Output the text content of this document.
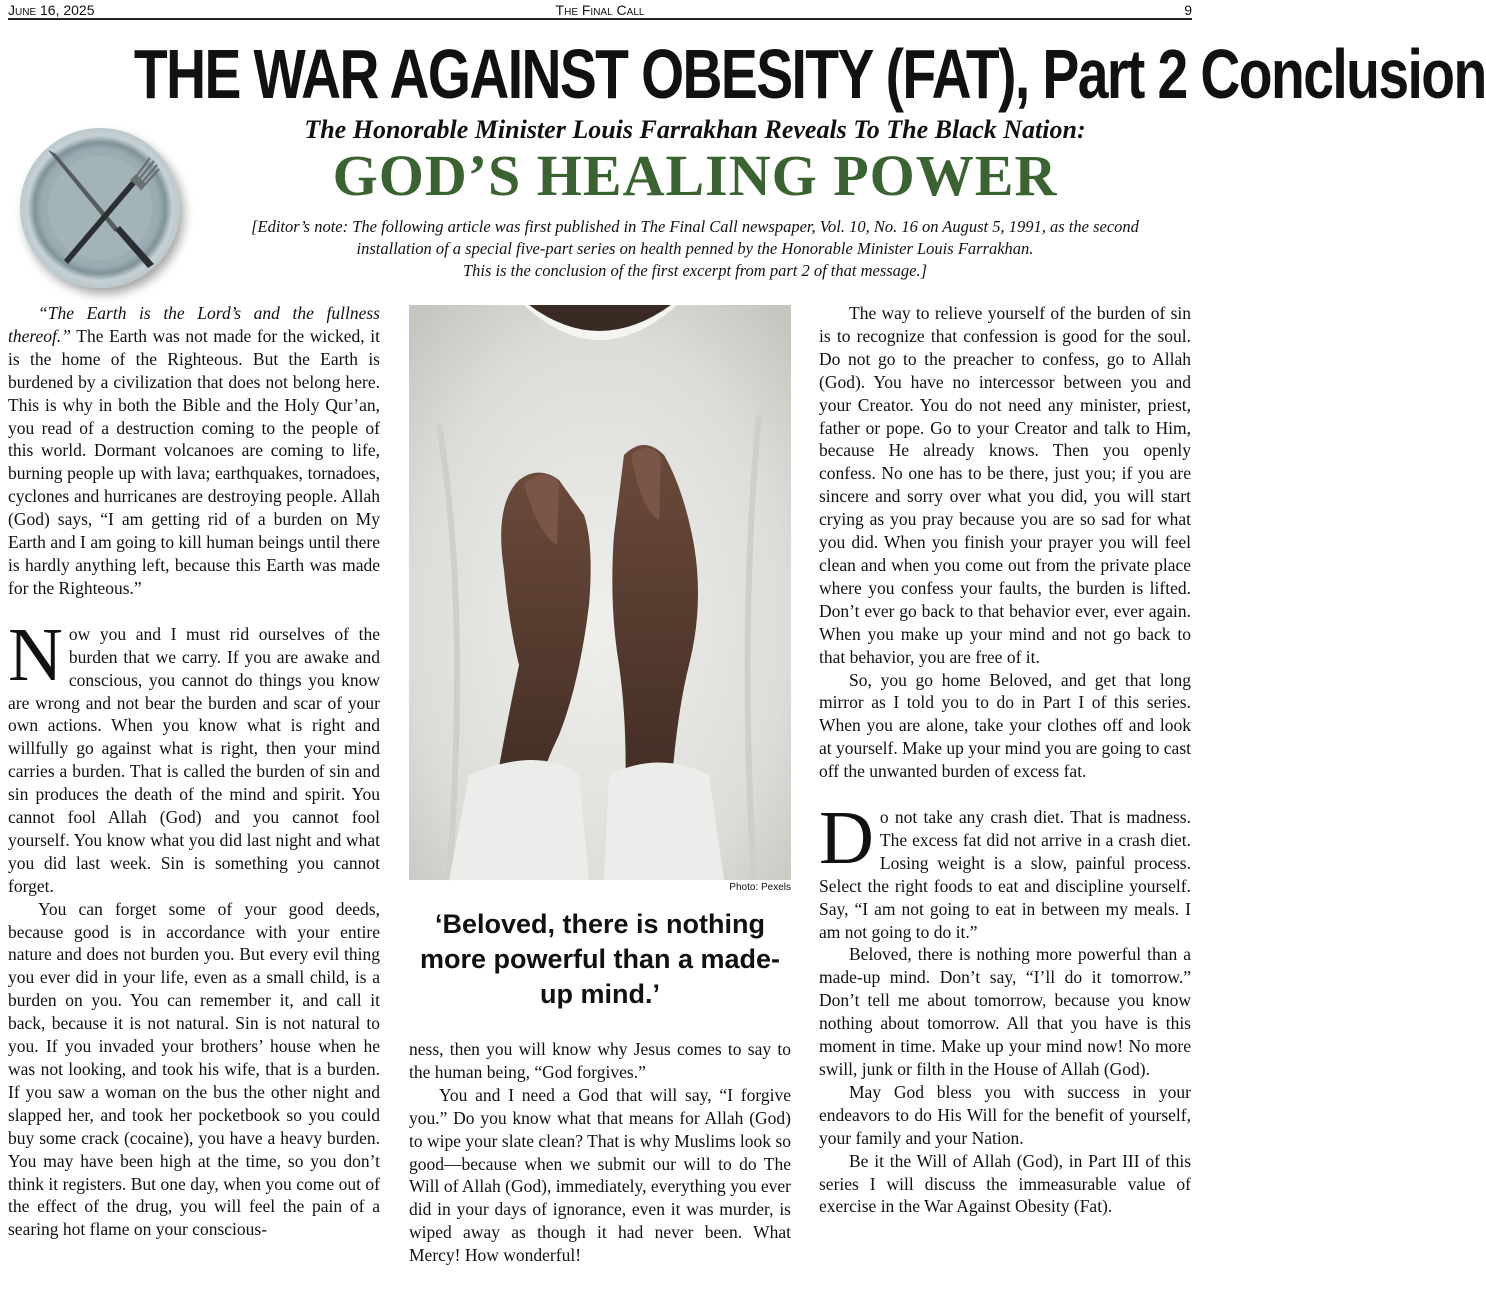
June 16, 2025	The Final Call	9
THE WAR AGAINST OBESITY (FAT), Part 2 Conclusion
The Honorable Minister Louis Farrakhan Reveals To The Black Nation:
GOD’S HEALING POWER
[Editor’s note: The following article was first published in The Final Call newspaper, Vol. 10, No. 16 on August 5, 1991, as the second
installation of a special five-part series on health penned by the Honorable Minister Louis Farrakhan.
This is the conclusion of the first excerpt from part 2 of that message.]

“The Earth is the Lord’s and the fullness thereof.” The Earth was not made for the wicked, it is the home of the Righteous. But the Earth is burdened by a civilization that does not belong here. This is why in both the Bible and the Holy Qur’an, you read of a destruction coming to the people of this world. Dormant volcanoes are coming to life, burning people up with lava; earthquakes, tornadoes, cyclones and hurricanes are destroying people. Allah (God) says, “I am getting rid of a burden on My Earth and I am going to kill human beings until there is hardly anything left, because this Earth was made for the Righteous.”

Now you and I must rid ourselves of the burden that we carry. If you are awake and conscious, you cannot do things you know are wrong and not bear the burden and scar of your own actions. When you know what is right and willfully go against what is right, then your mind carries a burden. That is called the burden of sin and sin produces the death of the mind and spirit. You cannot fool Allah (God) and you cannot fool yourself. You know what you did last night and what you did last week. Sin is something you cannot forget.

You can forget some of your good deeds, because good is in accordance with your entire nature and does not burden you. But every evil thing you ever did in your life, even as a small child, is a burden on you. You can remember it, and call it back, because it is not natural. Sin is not natural to you. If you invaded your brothers’ house when he was not looking, and took his wife, that is a burden. If you saw a woman on the bus the other night and slapped her, and took her pocketbook so you could buy some crack (cocaine), you have a heavy burden. You may have been high at the time, so you don’t think it registers. But one day, when you come out of the effect of the drug, you will feel the pain of a searing hot flame on your conscious-

Photo: Pexels
‘Beloved, there is nothing more powerful than a made-up mind.’

ness, then you will know why Jesus comes to say to the human being, “God forgives.”

You and I need a God that will say, “I forgive you.” Do you know what that means for Allah (God) to wipe your slate clean? That is why Muslims look so good—because when we submit our will to do The Will of Allah (God), immediately, everything you ever did in your days of ignorance, even it was murder, is wiped away as though it had never been. What Mercy! How wonderful!

The way to relieve yourself of the burden of sin is to recognize that confession is good for the soul. Do not go to the preacher to confess, go to Allah (God). You have no intercessor between you and your Creator. You do not need any minister, priest, father or pope. Go to your Creator and talk to Him, because He already knows. Then you openly confess. No one has to be there, just you; if you are sincere and sorry over what you did, you will start crying as you pray because you are so sad for what you did. When you finish your prayer you will feel clean and when you come out from the private place where you confess your faults, the burden is lifted. Don’t ever go back to that behavior ever, ever again. When you make up your mind and not go back to that behavior, you are free of it.

So, you go home Beloved, and get that long mirror as I told you to do in Part I of this series. When you are alone, take your clothes off and look at yourself. Make up your mind you are going to cast off the unwanted burden of excess fat.

Do not take any crash diet. That is madness. The excess fat did not arrive in a crash diet. Losing weight is a slow, painful process. Select the right foods to eat and discipline yourself. Say, “I am not going to eat in between my meals. I am not going to do it.”

Beloved, there is nothing more powerful than a made-up mind. Don’t say, “I’ll do it tomorrow.” Don’t tell me about tomorrow, because you know nothing about tomorrow. All that you have is this moment in time. Make up your mind now! No more swill, junk or filth in the House of Allah (God).

May God bless you with success in your endeavors to do His Will for the benefit of yourself, your family and your Nation.

Be it the Will of Allah (God), in Part III of this series I will discuss the immeasurable value of exercise in the War Against Obesity (Fat).
